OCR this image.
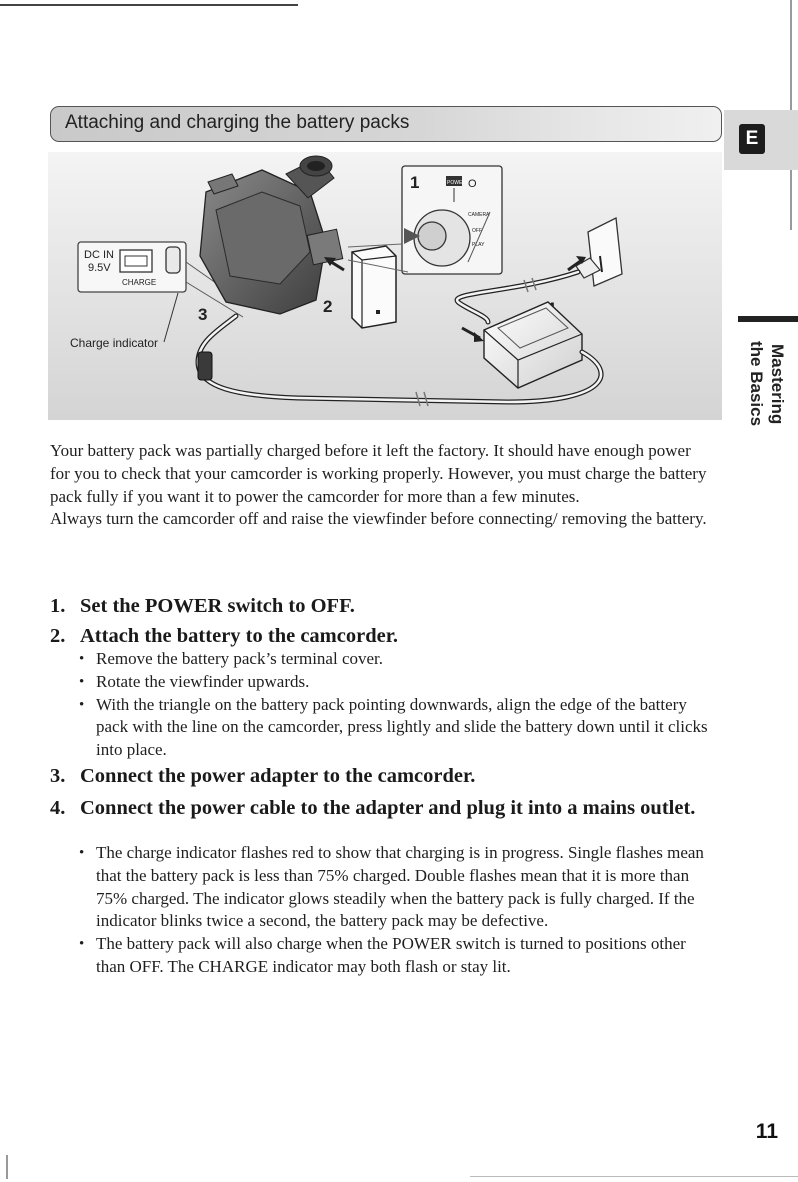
Attaching and charging the battery packs
E
Mastering
the Basics
DC IN
9.5V
CHARGE
Charge indicator
3	2
1	POWER O
CAMERA
OFF
PLAY

Your battery pack was partially charged before it left the factory. It should have enough power for you to check that your camcorder is working properly. However, you must charge the battery pack fully if you want it to power the camcorder for more than a few minutes.

Always turn the camcorder off and raise the viewfinder before connecting/ removing the battery.

1. Set the POWER switch to OFF.
2. Attach the battery to the camcorder.
• Remove the battery pack’s terminal cover.
• Rotate the viewfinder upwards.
• With the triangle on the battery pack pointing downwards, align the edge of the battery pack with the line on the camcorder, press lightly and slide the battery down until it clicks into place.
3. Connect the power adapter to the camcorder.
4. Connect the power cable to the adapter and plug it into a mains outlet.
• The charge indicator flashes red to show that charging is in progress. Single flashes mean that the battery pack is less than 75% charged. Double flashes mean that it is more than 75% charged. The indicator glows steadily when the battery pack is fully charged. If the indicator blinks twice a second, the battery pack may be defective.
• The battery pack will also charge when the POWER switch is turned to positions other than OFF. The CHARGE indicator may both flash or stay lit.
11
